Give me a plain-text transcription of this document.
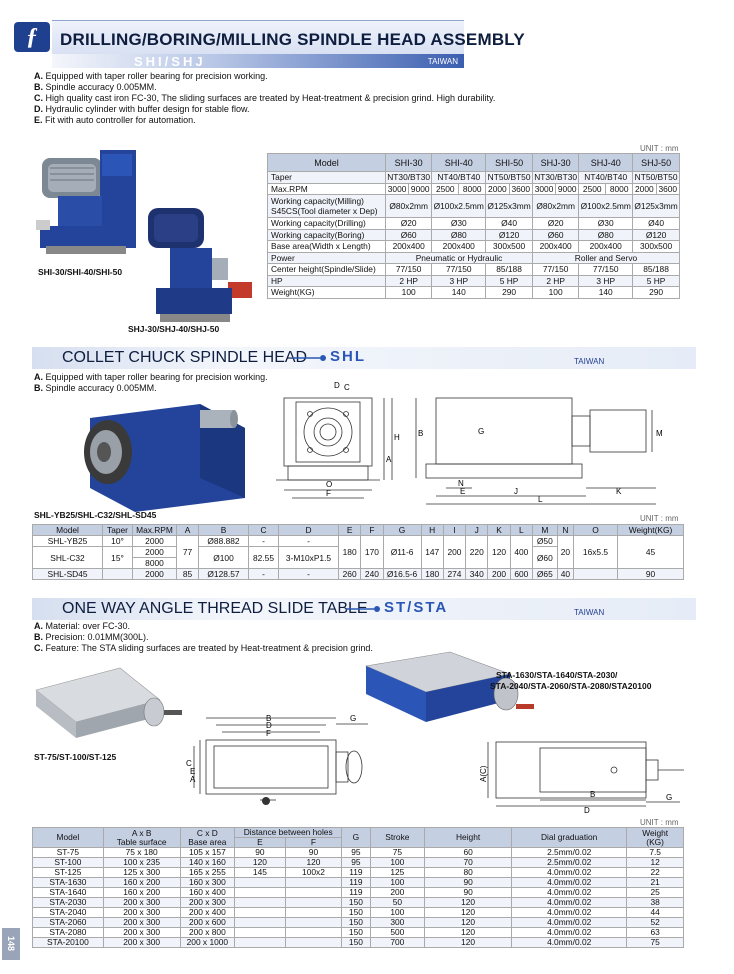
ƒ	DRILLING/BORING/MILLING SPINDLE HEAD ASSEMBLY
SHI/SHJ	TAIWAN
A. Equipped with taper roller bearing for precision working.
B. Spindle accuracy 0.005MM.
C. High quality cast iron FC-30, The sliding surfaces are treated by Heat-treatment & precision grind. High durability.
D. Hydraulic cylinder with buffer design for stable flow.
E. Fit with auto controller for automation.
SHI-30/SHI-40/SHI-50
SHJ-30/SHJ-40/SHJ-50
UNIT : mm
Model	SHI-30		SHI-40		SHI-50		SHJ-30		SHJ-40		SHJ-50	
Taper	NT30/BT30		NT40/BT40		NT50/BT50		NT30/BT30		NT40/BT40		NT50/BT50	
Max.RPM	3000	9000	2500	8000	2000	3600	3000	9000	2500	8000	2000	3600
Working capacity(Milling)
S45CS(Tool diameter x Dep)	Ø80x2mm		Ø100x2.5mm		Ø125x3mm		Ø80x2mm		Ø100x2.5mm		Ø125x3mm	
Working capacity(Drilling)	Ø20		Ø30		Ø40		Ø20		Ø30		Ø40	
Working capacity(Boring)	Ø60		Ø80		Ø120		Ø60		Ø80		Ø120	
Base area(Width x Length)	200x400		200x400		300x500		200x400		200x400		300x500	
Power	Pneumatic or Hydraulic						Roller and Servo					
Center height(Spindle/Slide)	77/150		77/150		85/188		77/150		77/150		85/188	
HP	2 HP		3 HP		5 HP		2 HP		3 HP		5 HP	
Weight(KG)	100		140		290		100		140		290	
COLLET CHUCK SPINDLE HEAD SHL	TAIWAN
A. Equipped with taper roller bearing for precision working.
B. Spindle accuracy 0.005MM.
SHL-YB25/SHL-C32/SHL-SD45
D C
H B
A
O
F
G	M
N
E	J
L
K
UNIT : mm
Model	Taper	Max.RPM	A	B	C	D	E	F	G	H	I	J	K	L	M	N	O	Weight(KG)
SHL-YB25	10°	2000	77	Ø88.882	-	-	180	170	Ø11-6	147	200	220	120	400	Ø50	20	16x5.5	45
SHL-C32	15°	2000		Ø100	82.55	3-M10xP1.5									Ø60			
		8000																
SHL-SD45		2000	85	Ø128.57	-	-	260	240	Ø16.5-6	180	274	340	200	600	Ø65	40		90
ONE WAY ANGLE THREAD SLIDE TABLE ST/STA	TAIWAN
A. Material: over FC-30.
B. Precision: 0.01MM(300L).
C. Feature: The STA sliding surfaces are treated by Heat-treatment & precision grind.
ST-75/ST-100/ST-125
STA-1630/STA-1640/STA-2030/
STA-2040/STA-2060/STA-2080/STA20100
B
D
F
G
C
E
A	A(C)
D
B	G
UNIT : mm
Model	A x B
Table surface	C x D
Base area	Distance between holes		G	Stroke	Height	Dial graduation	Weight
(KG)
			E	F					
ST-75	75 x 180	105 x 157	90	90	95	75	60	2.5mm/0.02	7.5
ST-100	100 x 235	140 x 160	120	120	95	100	70	2.5mm/0.02	12
ST-125	125 x 300	165 x 255	145	100x2	119	125	80	4.0mm/0.02	22
STA-1630	160 x 200	160 x 300			119	100	90	4.0mm/0.02	21
STA-1640	160 x 200	160 x 400			119	200	90	4.0mm/0.02	25
STA-2030	200 x 300	200 x 300			150	50	120	4.0mm/0.02	38
STA-2040	200 x 300	200 x 400			150	100	120	4.0mm/0.02	44
STA-2060	200 x 300	200 x 600			150	300	120	4.0mm/0.02	52
STA-2080	200 x 300	200 x 800			150	500	120	4.0mm/0.02	63
STA-20100	200 x 300	200 x 1000			150	700	120	4.0mm/0.02	75
148
